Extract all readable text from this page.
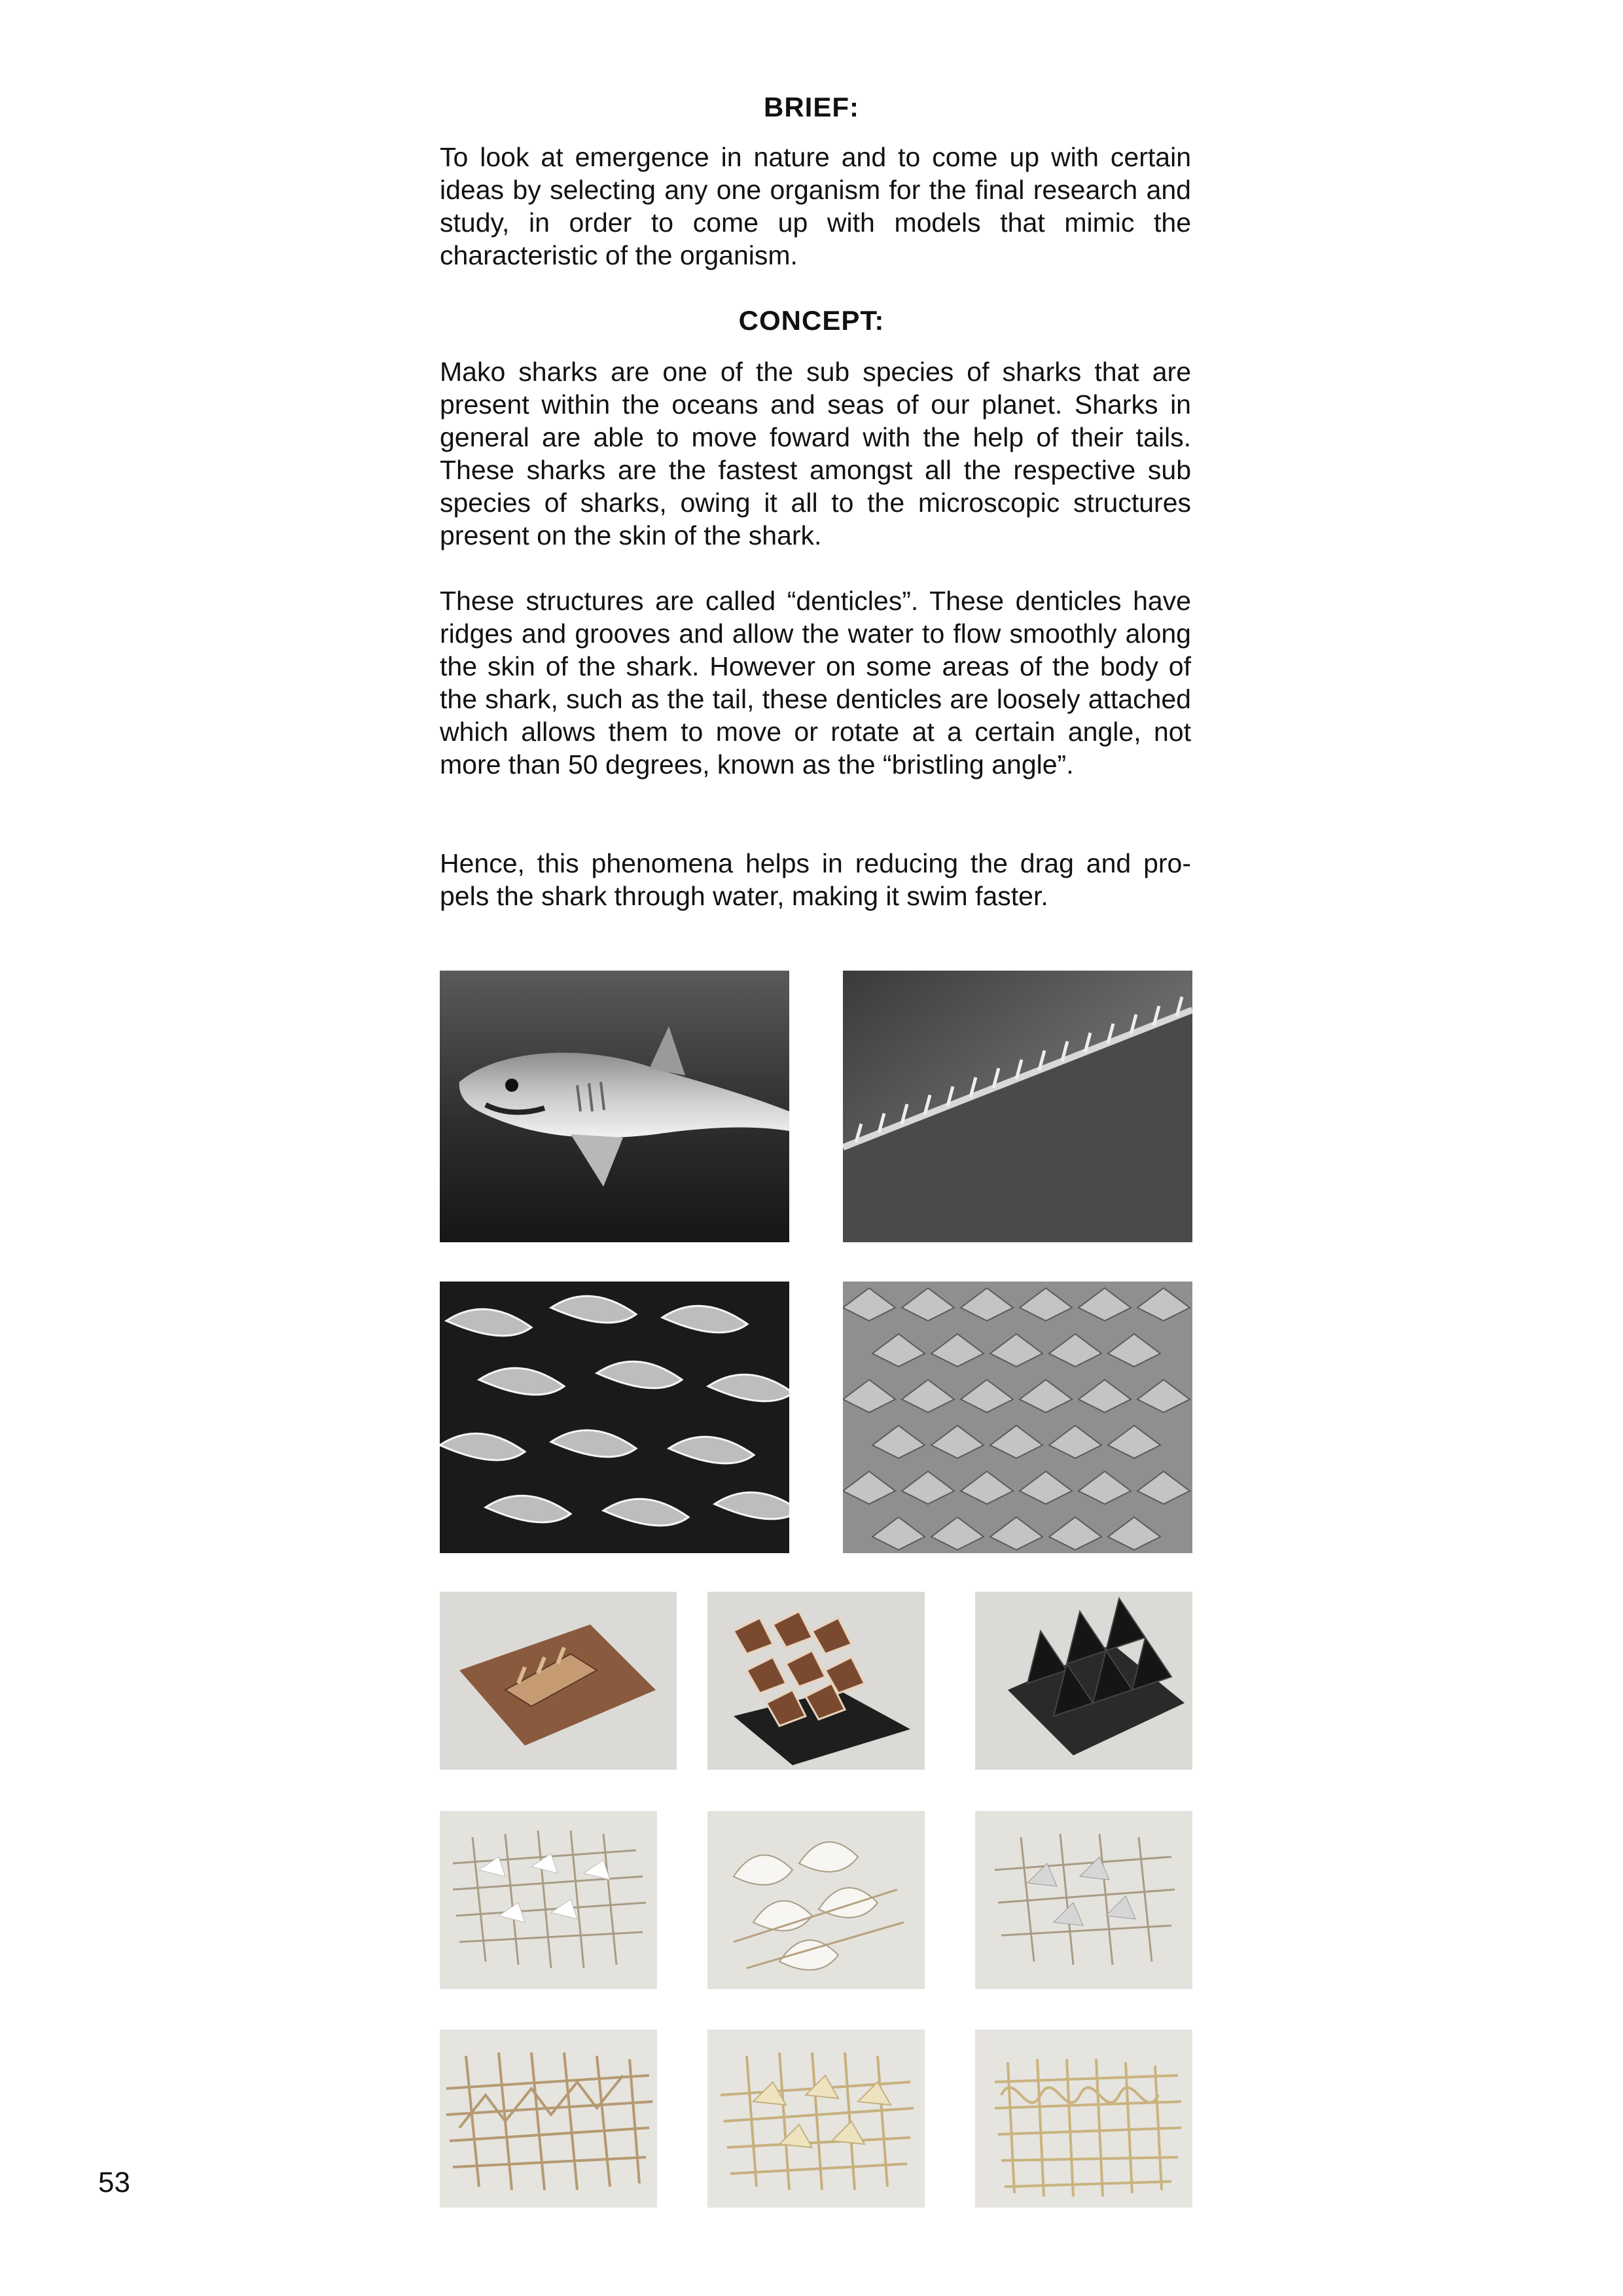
BRIEF:

To look at emergence in nature and to come up with certain ideas by selecting any one organism for the final research and study, in order to come up with models that mimic the characteristic of the organism.

CONCEPT:

Mako sharks are one of the sub species of sharks that are present within the oceans and seas of our planet. Sharks in general are able to move foward with the help of their tails. These sharks are the fastest amongst all the respective sub species of sharks, owing it all to the microscopic structures present on the skin of the shark.

These structures are called “denticles”. These denticles have ridges and grooves and allow the water to flow smoothly along the skin of the shark. However on some areas of the body of the shark, such as the tail, these denticles are loosely attached which allows them to move or rotate at a certain angle, not more than 50 degrees, known as the “bristling angle”.

Hence, this phenomena helps in reducing the drag and pro-pels the shark through water, making it swim faster.

53
